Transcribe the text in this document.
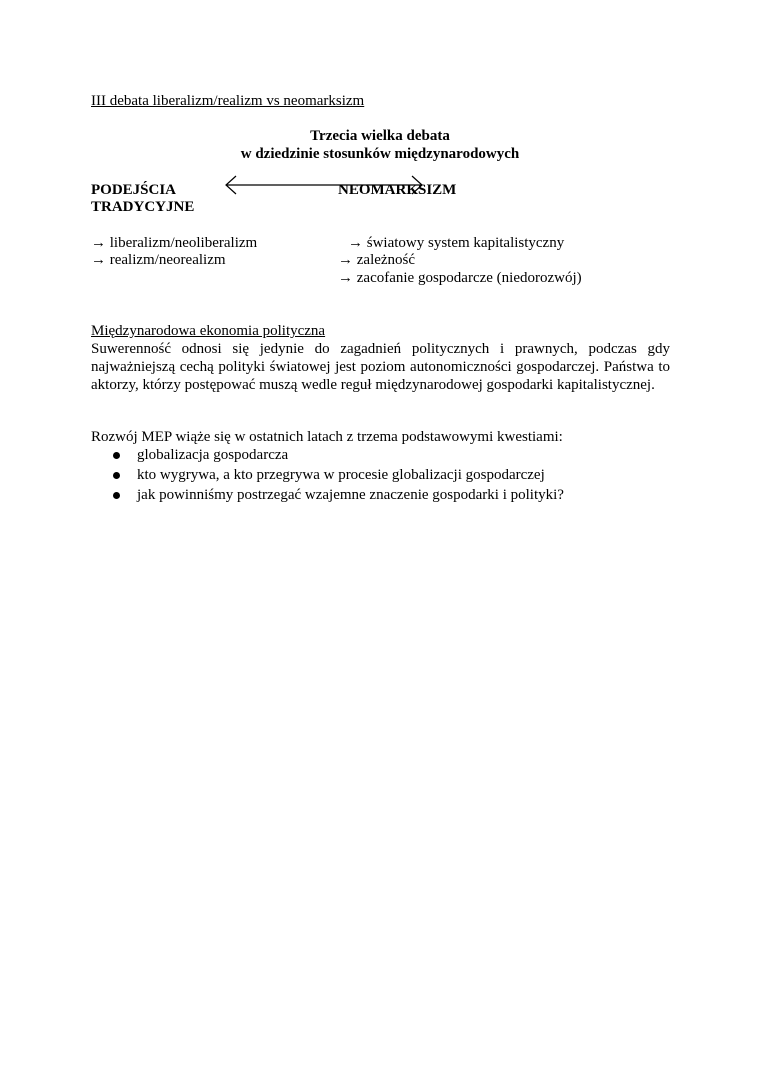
III debata liberalizm/realizm vs neomarksizm
Trzecia wielka debata
w dziedzinie stosunków międzynarodowych
PODEJŚCIA
TRADYCYJNE
NEOMARKSIZM
→ liberalizm/neoliberalizm
→ realizm/neorealizm
→ światowy system kapitalistyczny
→ zależność
→ zacofanie gospodarcze (niedorozwój)
Międzynarodowa ekonomia polityczna
Suwerenność odnosi się jedynie do zagadnień politycznych i prawnych, podczas gdy najważniejszą cechą polityki światowej jest poziom autonomiczności gospodarczej. Państwa to aktorzy, którzy postępować muszą wedle reguł międzynarodowej gospodarki kapitalistycznej.
Rozwój MEP wiąże się w ostatnich latach z trzema podstawowymi kwestiami:
globalizacja gospodarcza
kto wygrywa, a kto przegrywa w procesie globalizacji gospodarczej
jak powinniśmy postrzegać wzajemne znaczenie gospodarki i polityki?
